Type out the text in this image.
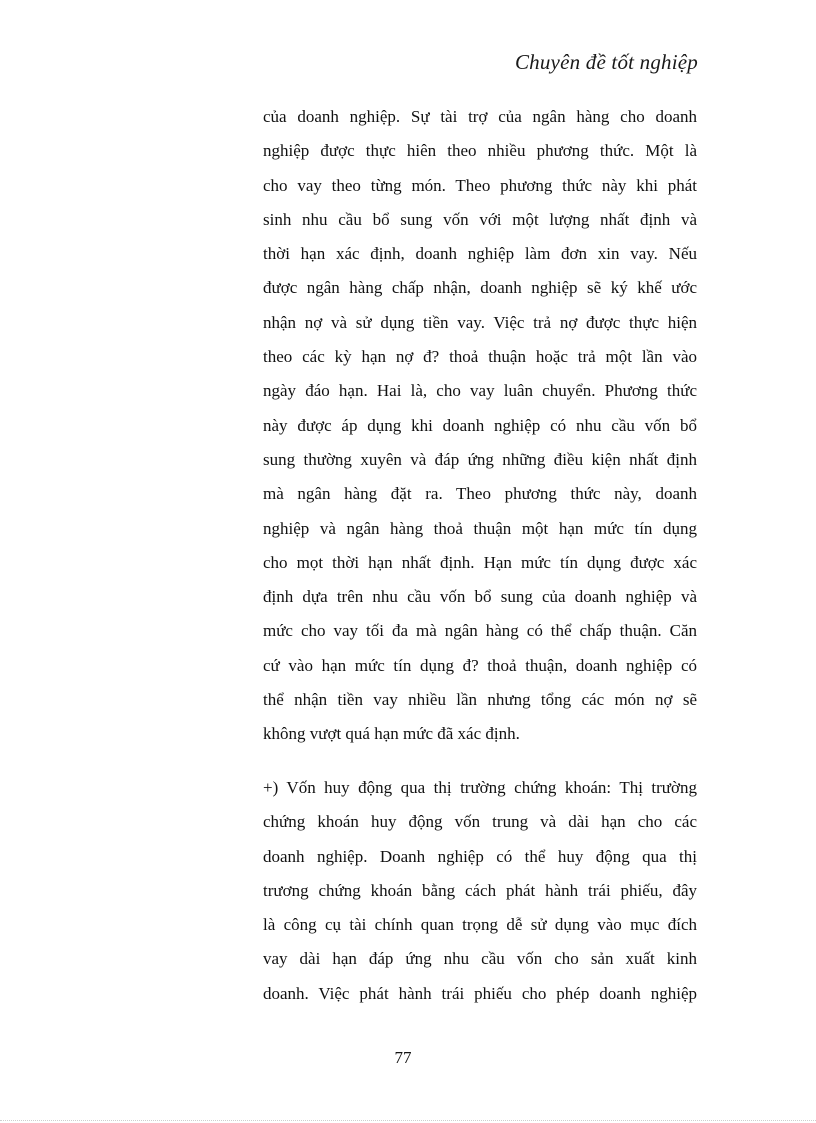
Chuyên đề tốt nghiệp
của doanh nghiệp. Sự tài trợ của ngân hàng cho doanh
nghiệp được thực hiên theo nhiều phương thức. Một là
cho vay theo từng món. Theo phương thức này khi phát
sinh nhu cầu bổ sung vốn với một lượng nhất định và
thời hạn xác định, doanh nghiệp làm đơn xin vay. Nếu
được ngân hàng chấp nhận, doanh nghiệp sẽ ký khế ước
nhận nợ và sử dụng tiền vay. Việc trả nợ được thực hiện
theo các kỳ hạn nợ đ? thoả thuận hoặc trả một lần vào
ngày đáo hạn. Hai là, cho vay luân chuyển. Phương thức
này được áp dụng khi doanh nghiệp có nhu cầu vốn bổ
sung thường xuyên và đáp ứng những điều kiện nhất định
mà ngân hàng đặt ra. Theo phương thức này, doanh
nghiệp và ngân hàng thoả thuận một hạn mức tín dụng
cho mọt thời hạn nhất định. Hạn mức tín dụng được xác
định dựa trên nhu cầu vốn bổ sung của doanh nghiệp và
mức cho vay tối đa mà ngân hàng có thể chấp thuận. Căn
cứ vào hạn mức tín dụng đ? thoả thuận, doanh nghiệp có
thể nhận tiền vay nhiều lần nhưng tổng các món nợ sẽ
không vượt quá hạn mức đã xác định.
+) Vốn huy động qua thị trường chứng khoán: Thị trường
chứng khoán huy động vốn trung và dài hạn cho các
doanh nghiệp. Doanh nghiệp có thể huy động qua thị
trương chứng khoán bằng cách phát hành trái phiếu, đây
là công cụ tài chính quan trọng dễ sử dụng vào mục đích
vay dài hạn đáp ứng nhu cầu vốn cho sản xuất kinh
doanh. Việc phát hành trái phiếu cho phép doanh nghiệp
77
